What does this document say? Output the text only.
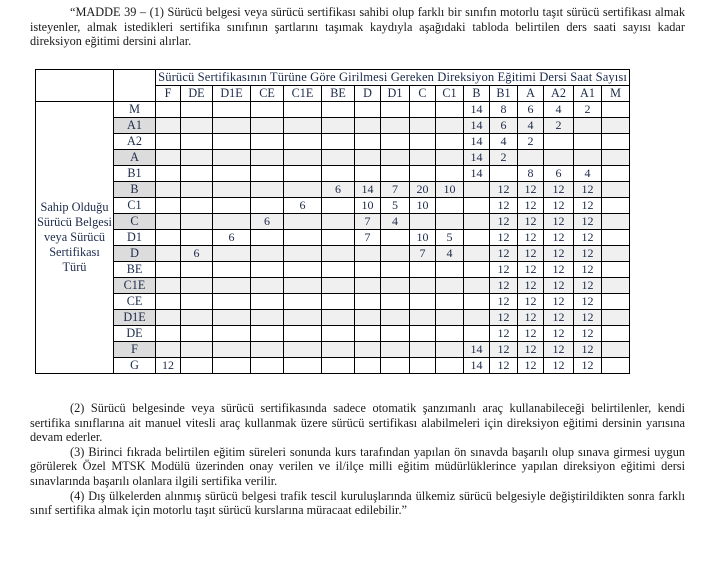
“MADDE 39 – (1) Sürücü belgesi veya sürücü sertifikası sahibi olup farklı bir sınıfın motorlu taşıt sürücü sertifikası almak isteyenler, almak istedikleri sertifika sınıfının şartlarını taşımak kaydıyla aşağıdaki tabloda belirtilen ders saati sayısı kadar direksiyon eğitimi dersini alırlar.

		Sürücü Sertifikasının Türüne Göre Girilmesi Gereken Direksiyon Eğitimi Dersi Saat Sayısı															
		F	DE	D1E	CE	C1E	BE	D	D1	C	C1	B	B1	A	A2	A1	M
Sahip Olduğu Sürücü Belgesi veya Sürücü Sertifikası Türü	M											14	8	6	4	2	
	A1											14	6	4	2		
	A2											14	4	2			
	A											14	2				
	B1											14		8	6	4	
	B						6	14	7	20	10		12	12	12	12	
	C1					6		10	5	10			12	12	12	12	
	C				6			7	4				12	12	12	12	
	D1			6				7		10	5		12	12	12	12	
	D		6							7	4		12	12	12	12	
	BE												12	12	12	12	
	C1E												12	12	12	12	
	CE												12	12	12	12	
	D1E												12	12	12	12	
	DE												12	12	12	12	
	F											14	12	12	12	12	
	G	12										14	12	12	12	12	

(2) Sürücü belgesinde veya sürücü sertifikasında sadece otomatik şanzımanlı araç kullanabileceği belirtilenler, kendi sertifika sınıflarına ait manuel vitesli araç kullanmak üzere sürücü sertifikası alabilmeleri için direksiyon eğitimi dersinin yarısına devam ederler.

(3) Birinci fıkrada belirtilen eğitim süreleri sonunda kurs tarafından yapılan ön sınavda başarılı olup sınava girmesi uygun görülerek Özel MTSK Modülü üzerinden onay verilen ve il/ilçe milli eğitim müdürlüklerince yapılan direksiyon eğitimi dersi sınavlarında başarılı olanlara ilgili sertifika verilir.

(4) Dış ülkelerden alınmış sürücü belgesi trafik tescil kuruluşlarında ülkemiz sürücü belgesiyle değiştirildikten sonra farklı sınıf sertifika almak için motorlu taşıt sürücü kurslarına müracaat edilebilir.”
